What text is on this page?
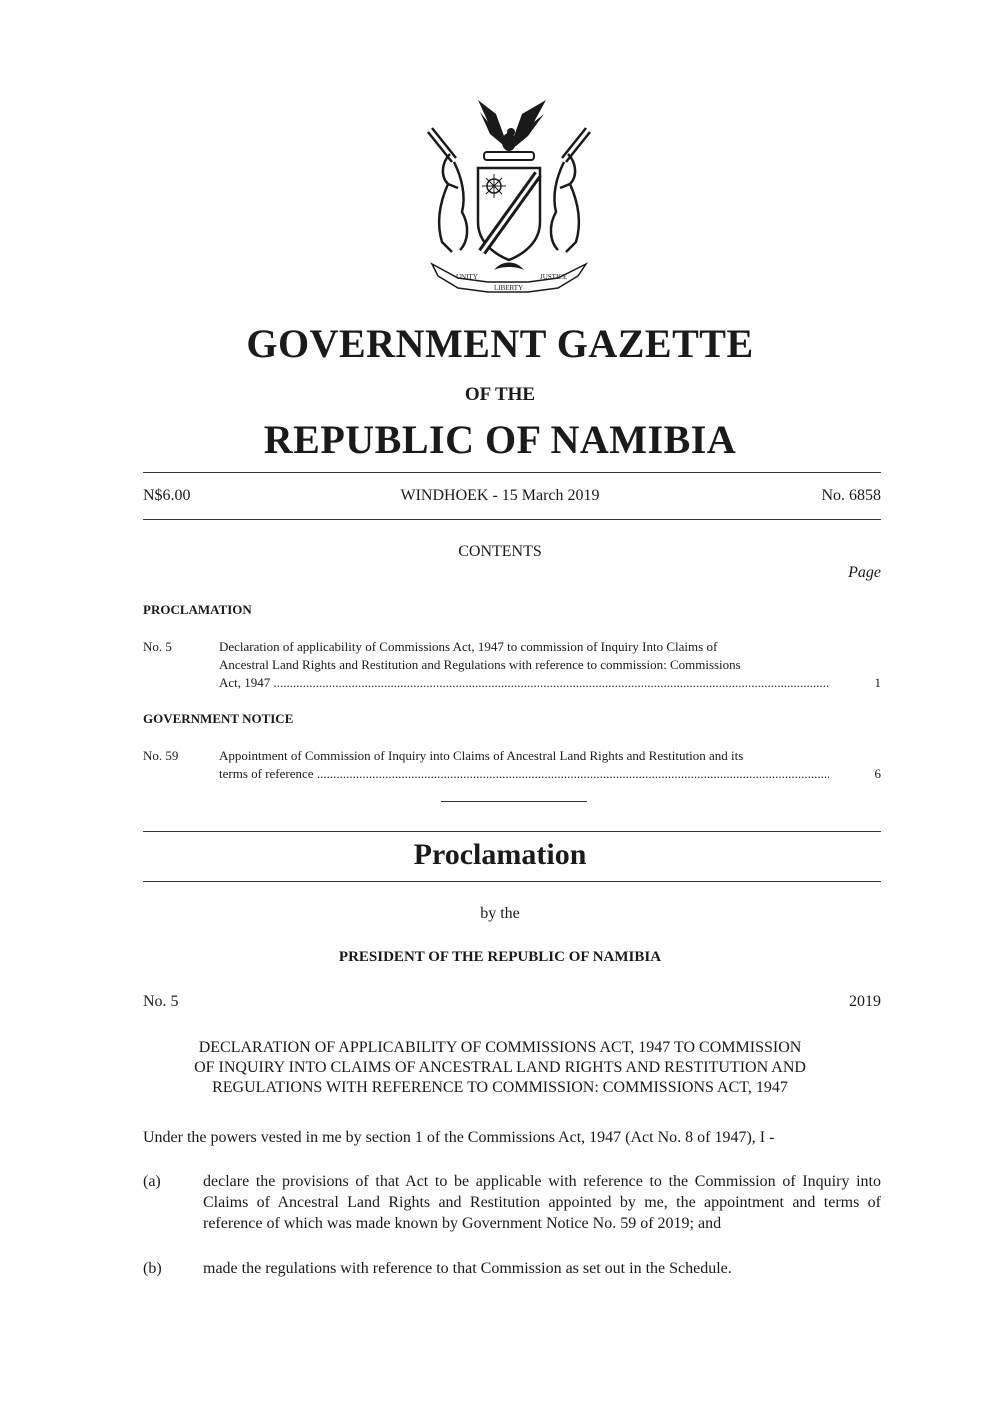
UNITY
LIBERTY
JUSTICE
GOVERNMENT GAZETTE
OF THE
REPUBLIC OF NAMIBIA
N$6.00	WINDHOEK - 15 March 2019	No. 6858
CONTENTS
Page
PROCLAMATION
No. 5	Declaration of applicability of Commissions Act, 1947 to commission of Inquiry Into Claims of
Ancestral Land Rights and Restitution and Regulations with reference to commission: Commissions
Act, 1947 .....	1
GOVERNMENT NOTICE
No. 59	Appointment of Commission of Inquiry into Claims of Ancestral Land Rights and Restitution and its
terms of reference .....	6
Proclamation
by the
PRESIDENT OF THE REPUBLIC OF NAMIBIA
No. 5	2019
DECLARATION OF APPLICABILITY OF COMMISSIONS ACT, 1947 TO COMMISSION
OF INQUIRY INTO CLAIMS OF ANCESTRAL LAND RIGHTS AND RESTITUTION AND
REGULATIONS WITH REFERENCE TO COMMISSION: COMMISSIONS ACT, 1947
Under the powers vested in me by section 1 of the Commissions Act, 1947 (Act No. 8 of 1947), I -
(a)	declare the provisions of that Act to be applicable with reference to the Commission of Inquiry into Claims of Ancestral Land Rights and Restitution appointed by me, the appointment and terms of reference of which was made known by Government Notice No. 59 of 2019; and
(b)	made the regulations with reference to that Commission as set out in the Schedule.
